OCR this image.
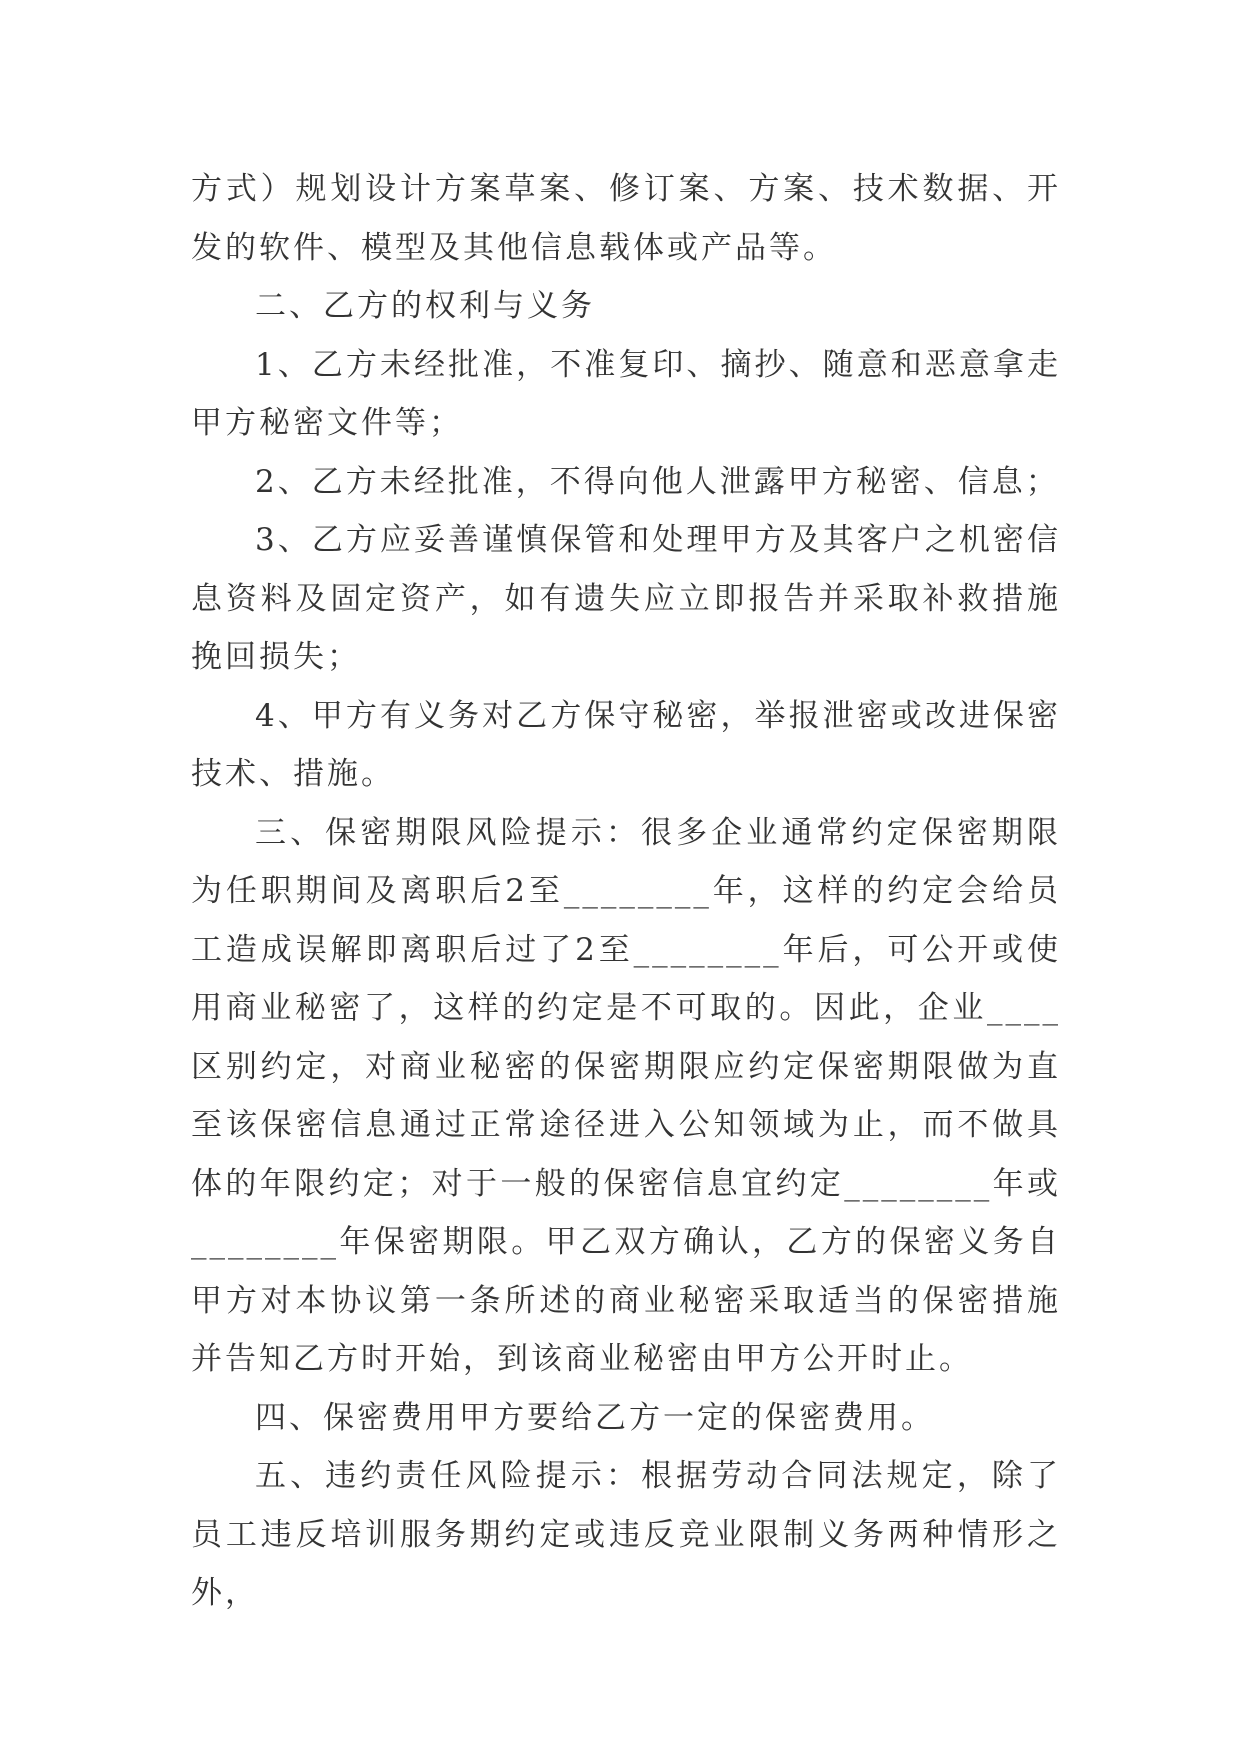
方式）规划设计方案草案、修订案、方案、技术数据、开发的软件、模型及其他信息载体或产品等。

二、乙方的权利与义务

1、乙方未经批准，不准复印、摘抄、随意和恶意拿走甲方秘密文件等；

2、乙方未经批准，不得向他人泄露甲方秘密、信息；

3、乙方应妥善谨慎保管和处理甲方及其客户之机密信息资料及固定资产，如有遗失应立即报告并采取补救措施挽回损失；

4、甲方有义务对乙方保守秘密，举报泄密或改进保密技术、措施。

三、保密期限风险提示：很多企业通常约定保密期限为任职期间及离职后2至________年，这样的约定会给员工造成误解即离职后过了2至________年后，可公开或使用商业秘密了，这样的约定是不可取的。因此，企业____区别约定，对商业秘密的保密期限应约定保密期限做为直至该保密信息通过正常途径进入公知领域为止，而不做具体的年限约定；对于一般的保密信息宜约定________年或________年保密期限。甲乙双方确认，乙方的保密义务自甲方对本协议第一条所述的商业秘密采取适当的保密措施并告知乙方时开始，到该商业秘密由甲方公开时止。

四、保密费用甲方要给乙方一定的保密费用。

五、违约责任风险提示：根据劳动合同法规定，除了员工违反培训服务期约定或违反竞业限制义务两种情形之外，
